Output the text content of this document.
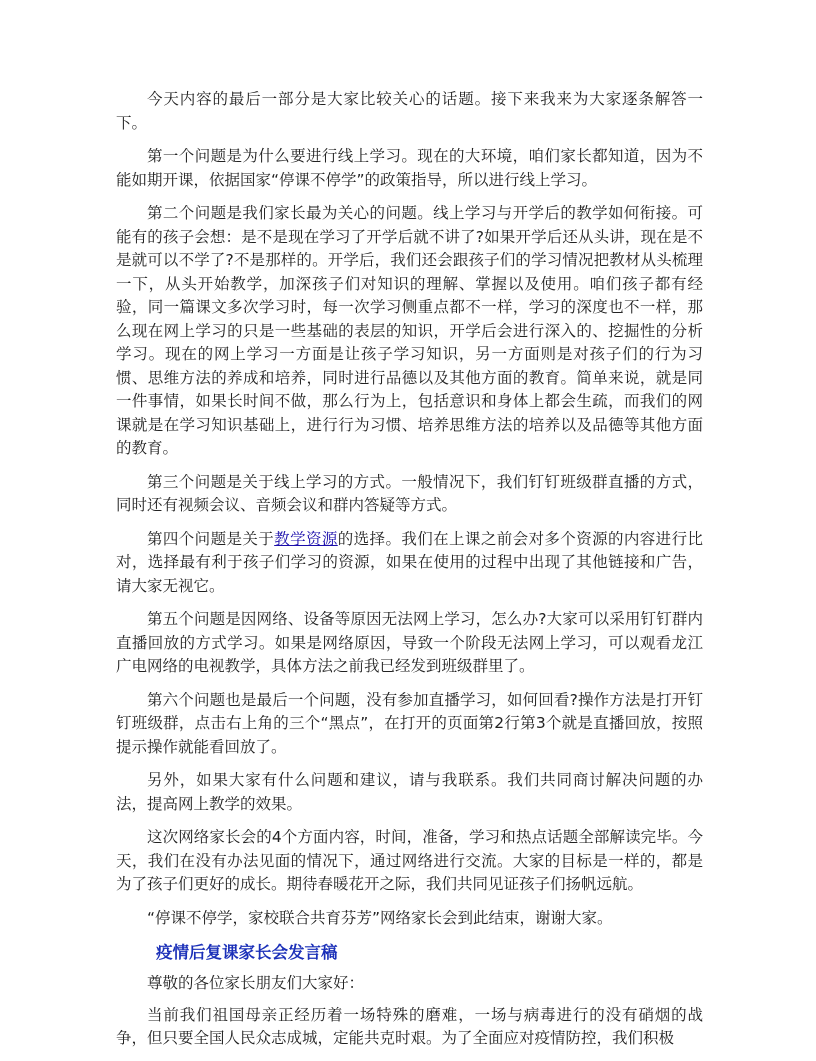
今天内容的最后一部分是大家比较关心的话题。接下来我来为大家逐条解答一下。

第一个问题是为什么要进行线上学习。现在的大环境，咱们家长都知道，因为不能如期开课，依据国家“停课不停学”的政策指导，所以进行线上学习。

第二个问题是我们家长最为关心的问题。线上学习与开学后的教学如何衔接。可能有的孩子会想：是不是现在学习了开学后就不讲了?如果开学后还从头讲，现在是不是就可以不学了?不是那样的。开学后，我们还会跟孩子们的学习情况把教材从头梳理一下，从头开始教学，加深孩子们对知识的理解、掌握以及使用。咱们孩子都有经验，同一篇课文多次学习时，每一次学习侧重点都不一样，学习的深度也不一样，那么现在网上学习的只是一些基础的表层的知识，开学后会进行深入的、挖掘性的分析学习。现在的网上学习一方面是让孩子学习知识，另一方面则是对孩子们的行为习惯、思维方法的养成和培养，同时进行品德以及其他方面的教育。简单来说，就是同一件事情，如果长时间不做，那么行为上，包括意识和身体上都会生疏，而我们的网课就是在学习知识基础上，进行行为习惯、培养思维方法的培养以及品德等其他方面的教育。

第三个问题是关于线上学习的方式。一般情况下，我们钉钉班级群直播的方式，同时还有视频会议、音频会议和群内答疑等方式。

第四个问题是关于教学资源的选择。我们在上课之前会对多个资源的内容进行比对，选择最有利于孩子们学习的资源，如果在使用的过程中出现了其他链接和广告，请大家无视它。

第五个问题是因网络、设备等原因无法网上学习，怎么办?大家可以采用钉钉群内直播回放的方式学习。如果是网络原因，导致一个阶段无法网上学习，可以观看龙江广电网络的电视教学，具体方法之前我已经发到班级群里了。

第六个问题也是最后一个问题，没有参加直播学习，如何回看?操作方法是打开钉钉班级群，点击右上角的三个“黑点”，在打开的页面第2行第3个就是直播回放，按照提示操作就能看回放了。

另外，如果大家有什么问题和建议，请与我联系。我们共同商讨解决问题的办法，提高网上教学的效果。

这次网络家长会的4个方面内容，时间，准备，学习和热点话题全部解读完毕。今天，我们在没有办法见面的情况下，通过网络进行交流。大家的目标是一样的，都是为了孩子们更好的成长。期待春暖花开之际，我们共同见证孩子们扬帆远航。

“停课不停学，家校联合共育芬芳”网络家长会到此结束，谢谢大家。

疫情后复课家长会发言稿

尊敬的各位家长朋友们大家好：

当前我们祖国母亲正经历着一场特殊的磨难，一场与病毒进行的没有硝烟的战争，但只要全国人民众志成城，定能共克时艰。为了全面应对疫情防控，我们积极
